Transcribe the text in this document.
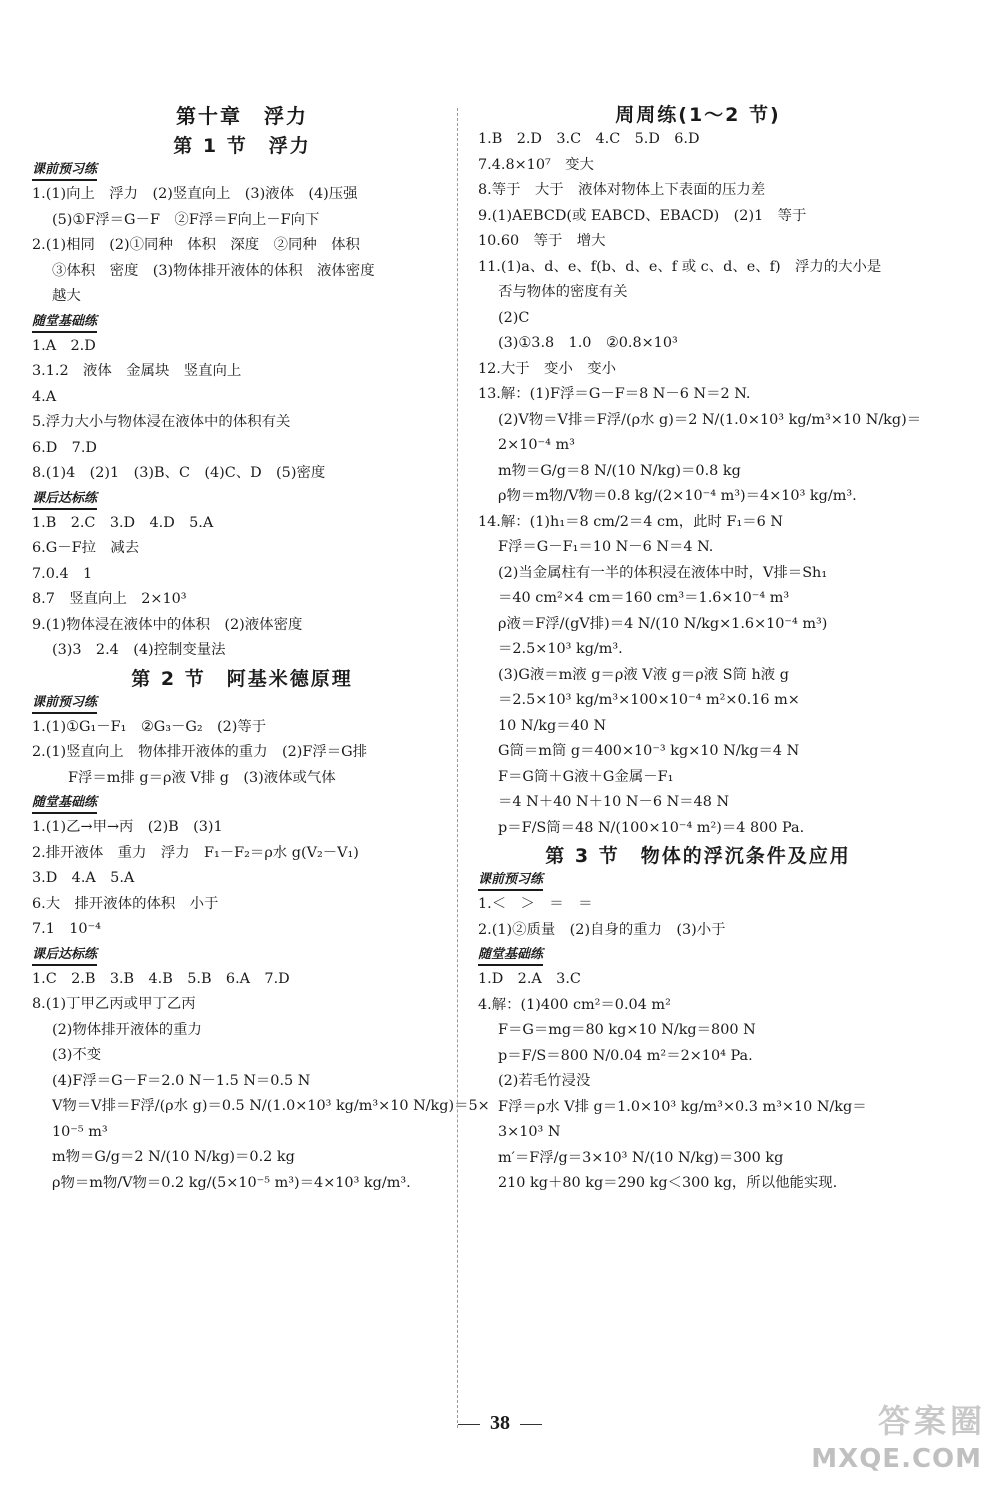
第十章　浮力
第 1 节　浮力
课前预习练
1.(1)向上　浮力　(2)竖直向上　(3)液体　(4)压强
(5)①F浮＝G－F　②F浮＝F向上－F向下
2.(1)相同　(2)①同种　体积　深度　②同种　体积
③体积　密度　(3)物体排开液体的体积　液体密度
越大
随堂基础练
1.A　2.D
3.1.2　液体　金属块　竖直向上
4.A
5.浮力大小与物体浸在液体中的体积有关
6.D　7.D
8.(1)4　(2)1　(3)B、C　(4)C、D　(5)密度
课后达标练
1.B　2.C　3.D　4.D　5.A
6.G－F拉　减去
7.0.4　1
8.7　竖直向上　2×10³
9.(1)物体浸在液体中的体积　(2)液体密度
(3)3　2.4　(4)控制变量法
第 2 节　阿基米德原理
课前预习练
1.(1)①G₁－F₁　②G₃－G₂　(2)等于
2.(1)竖直向上　物体排开液体的重力　(2)F浮＝G排
F浮＝m排 g＝ρ液 V排 g　(3)液体或气体
随堂基础练
1.(1)乙→甲→丙　(2)B　(3)1
2.排开液体　重力　浮力　F₁－F₂＝ρ水 g(V₂－V₁)
3.D　4.A　5.A
6.大　排开液体的体积　小于
7.1　10⁻⁴
课后达标练
1.C　2.B　3.B　4.B　5.B　6.A　7.D
8.(1)丁甲乙丙或甲丁乙丙
(2)物体排开液体的重力
(3)不变
(4)F浮＝G－F＝2.0 N－1.5 N＝0.5 N
V物＝V排＝F浮/(ρ水 g)＝0.5 N/(1.0×10³ kg/m³×10 N/kg)＝5×
10⁻⁵ m³
m物＝G/g＝2 N/(10 N/kg)＝0.2 kg
ρ物＝m物/V物＝0.2 kg/(5×10⁻⁵ m³)＝4×10³ kg/m³.
周周练(1～2 节)
1.B　2.D　3.C　4.C　5.D　6.D
7.4.8×10⁷　变大
8.等于　大于　液体对物体上下表面的压力差
9.(1)AEBCD(或 EABCD、EBACD)　(2)1　等于
10.60　等于　增大
11.(1)a、d、e、f(b、d、e、f 或 c、d、e、f)　浮力的大小是
否与物体的密度有关
(2)C
(3)①3.8　1.0　②0.8×10³
12.大于　变小　变小
13.解：(1)F浮＝G－F＝8 N－6 N＝2 N.
(2)V物＝V排＝F浮/(ρ水 g)＝2 N/(1.0×10³ kg/m³×10 N/kg)＝
2×10⁻⁴ m³
m物＝G/g＝8 N/(10 N/kg)＝0.8 kg
ρ物＝m物/V物＝0.8 kg/(2×10⁻⁴ m³)＝4×10³ kg/m³.
14.解：(1)h₁＝8 cm/2＝4 cm，此时 F₁＝6 N
F浮＝G－F₁＝10 N－6 N＝4 N.
(2)当金属柱有一半的体积浸在液体中时，V排＝Sh₁
＝40 cm²×4 cm＝160 cm³＝1.6×10⁻⁴ m³
ρ液＝F浮/(gV排)＝4 N/(10 N/kg×1.6×10⁻⁴ m³)
＝2.5×10³ kg/m³.
(3)G液＝m液 g＝ρ液 V液 g＝ρ液 S筒 h液 g
＝2.5×10³ kg/m³×100×10⁻⁴ m²×0.16 m×
10 N/kg＝40 N
G筒＝m筒 g＝400×10⁻³ kg×10 N/kg＝4 N
F＝G筒＋G液＋G金属－F₁
＝4 N＋40 N＋10 N－6 N＝48 N
p＝F/S筒＝48 N/(100×10⁻⁴ m²)＝4 800 Pa.
第 3 节　物体的浮沉条件及应用
课前预习练
1.＜　＞　＝　＝
2.(1)②质量　(2)自身的重力　(3)小于
随堂基础练
1.D　2.A　3.C
4.解：(1)400 cm²＝0.04 m²
F＝G＝mg＝80 kg×10 N/kg＝800 N
p＝F/S＝800 N/0.04 m²＝2×10⁴ Pa.
(2)若毛竹浸没
F浮＝ρ水 V排 g＝1.0×10³ kg/m³×0.3 m³×10 N/kg＝
3×10³ N
m′＝F浮/g＝3×10³ N/(10 N/kg)＝300 kg
210 kg＋80 kg＝290 kg＜300 kg，所以他能实现.
38	答案圈
MXQE.COM
